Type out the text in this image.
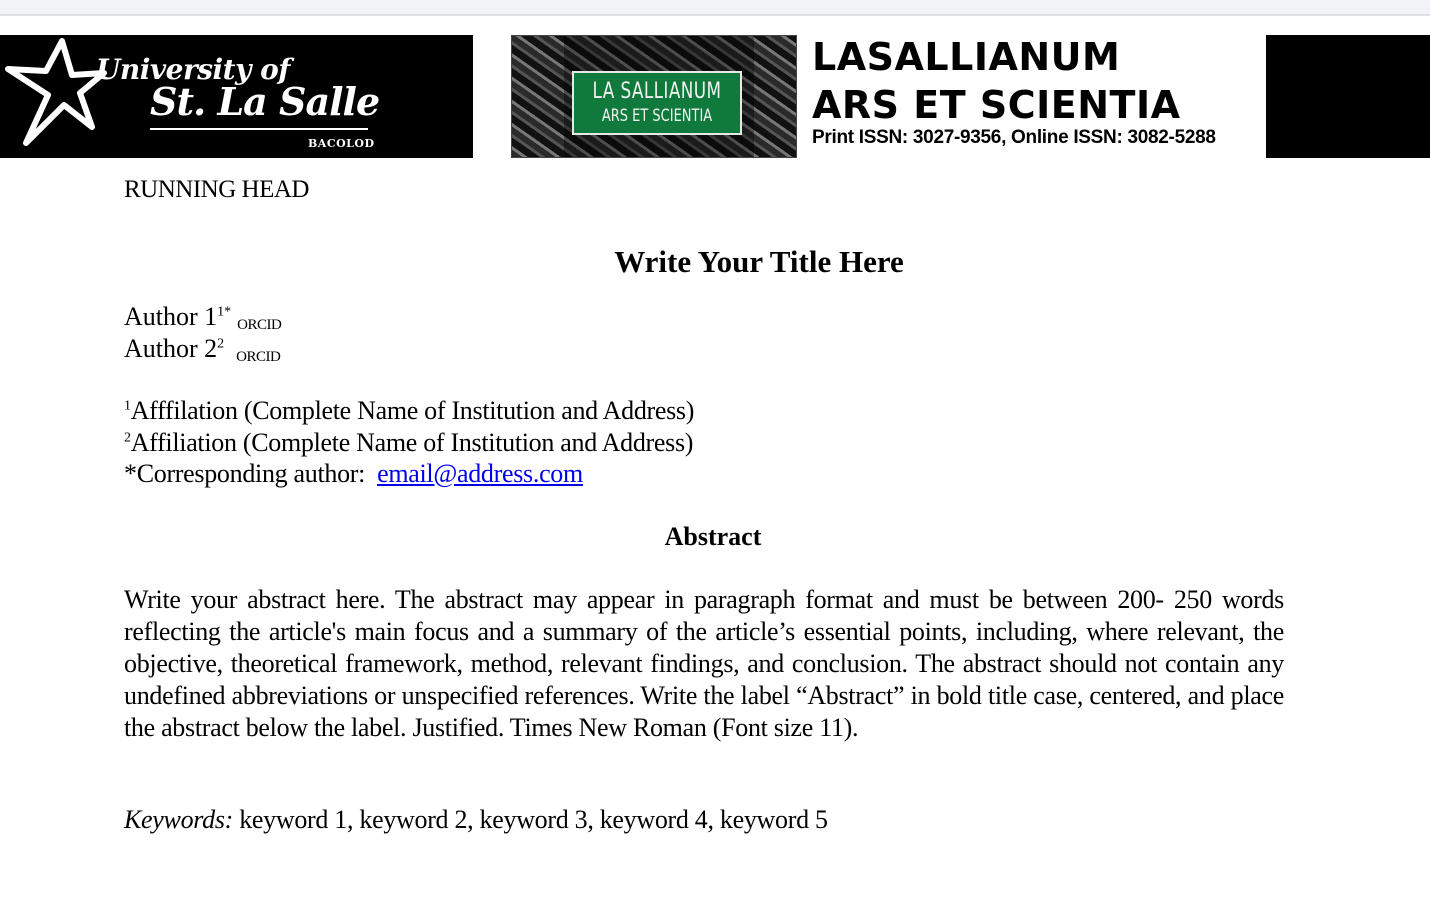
University of
St. La Salle
BACOLOD
LA SALLIANUM
ARS ET SCIENTIA
LASALLIANUM
ARS ET SCIENTIA
Print ISSN: 3027-9356, Online ISSN: 3082-5288
RUNNING HEAD
Write Your Title Here
Author $1^{1*}ORCID$
Author $2^2ORCID$
$^1$Afffilation (Complete Name of Institution and Address)
$^2$Affiliation (Complete Name of Institution and Address)
*Corresponding author: email@address.com
Abstract
Write your abstract here. The abstract may appear in paragraph format and must be between 200- 250 words reflecting the article's main focus and a summary of the article’s essential points, including, where relevant, the objective, theoretical framework, method, relevant findings, and conclusion. The abstract should not contain any undefined abbreviations or unspecified references. Write the label “Abstract” in bold title case, centered, and place the abstract below the label. Justified. Times New Roman (Font size 11).
Keywords: keyword 1, keyword 2, keyword 3, keyword 4, keyword 5
